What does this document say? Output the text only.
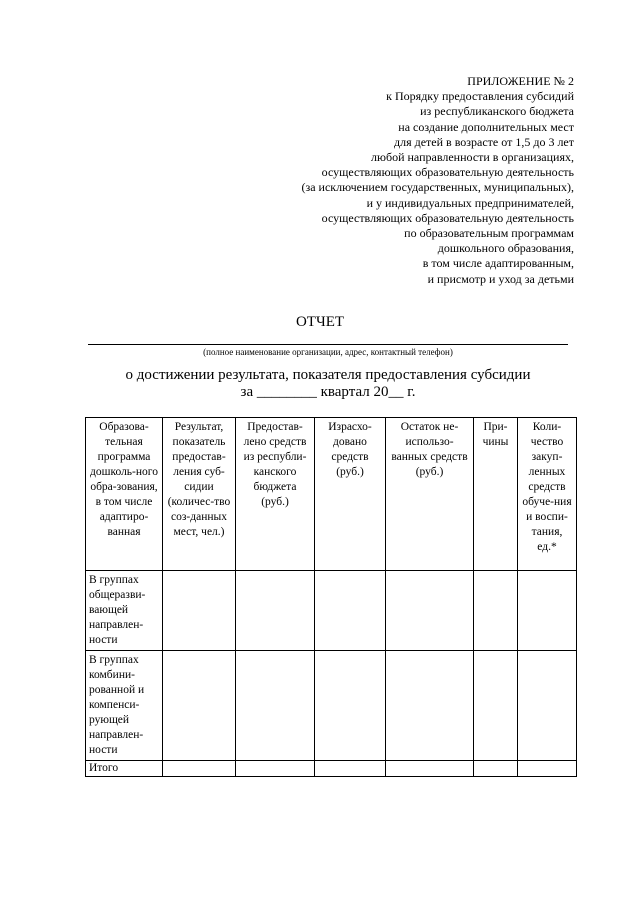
ПРИЛОЖЕНИЕ № 2
к Порядку предоставления субсидий
из республиканского бюджета
на создание дополнительных мест
для детей в возрасте от 1,5 до 3 лет
любой направленности в организациях,
осуществляющих образовательную деятельность
(за исключением государственных, муниципальных),
и у индивидуальных предпринимателей,
осуществляющих образовательную деятельность
по образовательным программам
дошкольного образования,
в том числе адаптированным,
и присмотр и уход за детьми
ОТЧЕТ
(полное наименование организации, адрес, контактный телефон)
о достижении результата, показателя предоставления субсидии
за ________ квартал 20__ г.
Образова-тельная программа дошколь-ного обра-зования, в том числе адаптиро-ванная	Результат, показатель предостав-ления суб-сидии (количес-тво соз-данных мест, чел.)	Предостав-лено средств из республи-канского бюджета (руб.)	Израсхо-довано средств (руб.)	Остаток не-использо-ванных средств (руб.)	При-чины	Коли-чество закуп-ленных средств обуче-ния и воспи-тания, ед.*
В группах общеразви-вающей направлен-ности						
В группах комбини-рованной и компенси-рующей направлен-ности						
Итого						
